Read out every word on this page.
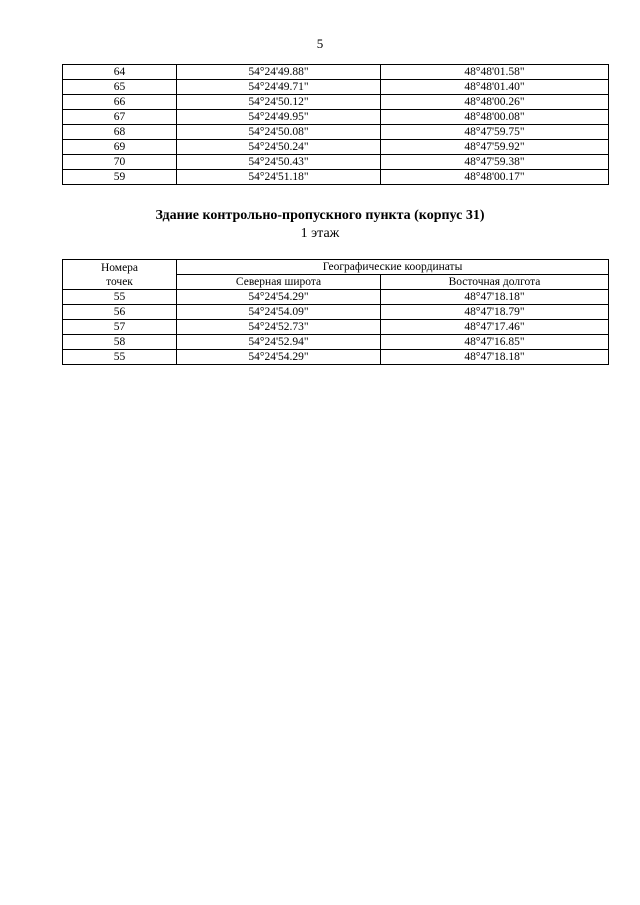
5
64	54°24'49.88"	48°48'01.58"
65	54°24'49.71"	48°48'01.40"
66	54°24'50.12"	48°48'00.26"
67	54°24'49.95"	48°48'00.08"
68	54°24'50.08"	48°47'59.75"
69	54°24'50.24"	48°47'59.92"
70	54°24'50.43"	48°47'59.38"
59	54°24'51.18"	48°48'00.17"
Здание контрольно-пропускного пункта (корпус 31)
1 этаж
Номера
точек	Географические координаты	
	Северная широта	Восточная долгота
55	54°24'54.29"	48°47'18.18"
56	54°24'54.09"	48°47'18.79"
57	54°24'52.73"	48°47'17.46"
58	54°24'52.94"	48°47'16.85"
55	54°24'54.29"	48°47'18.18"
